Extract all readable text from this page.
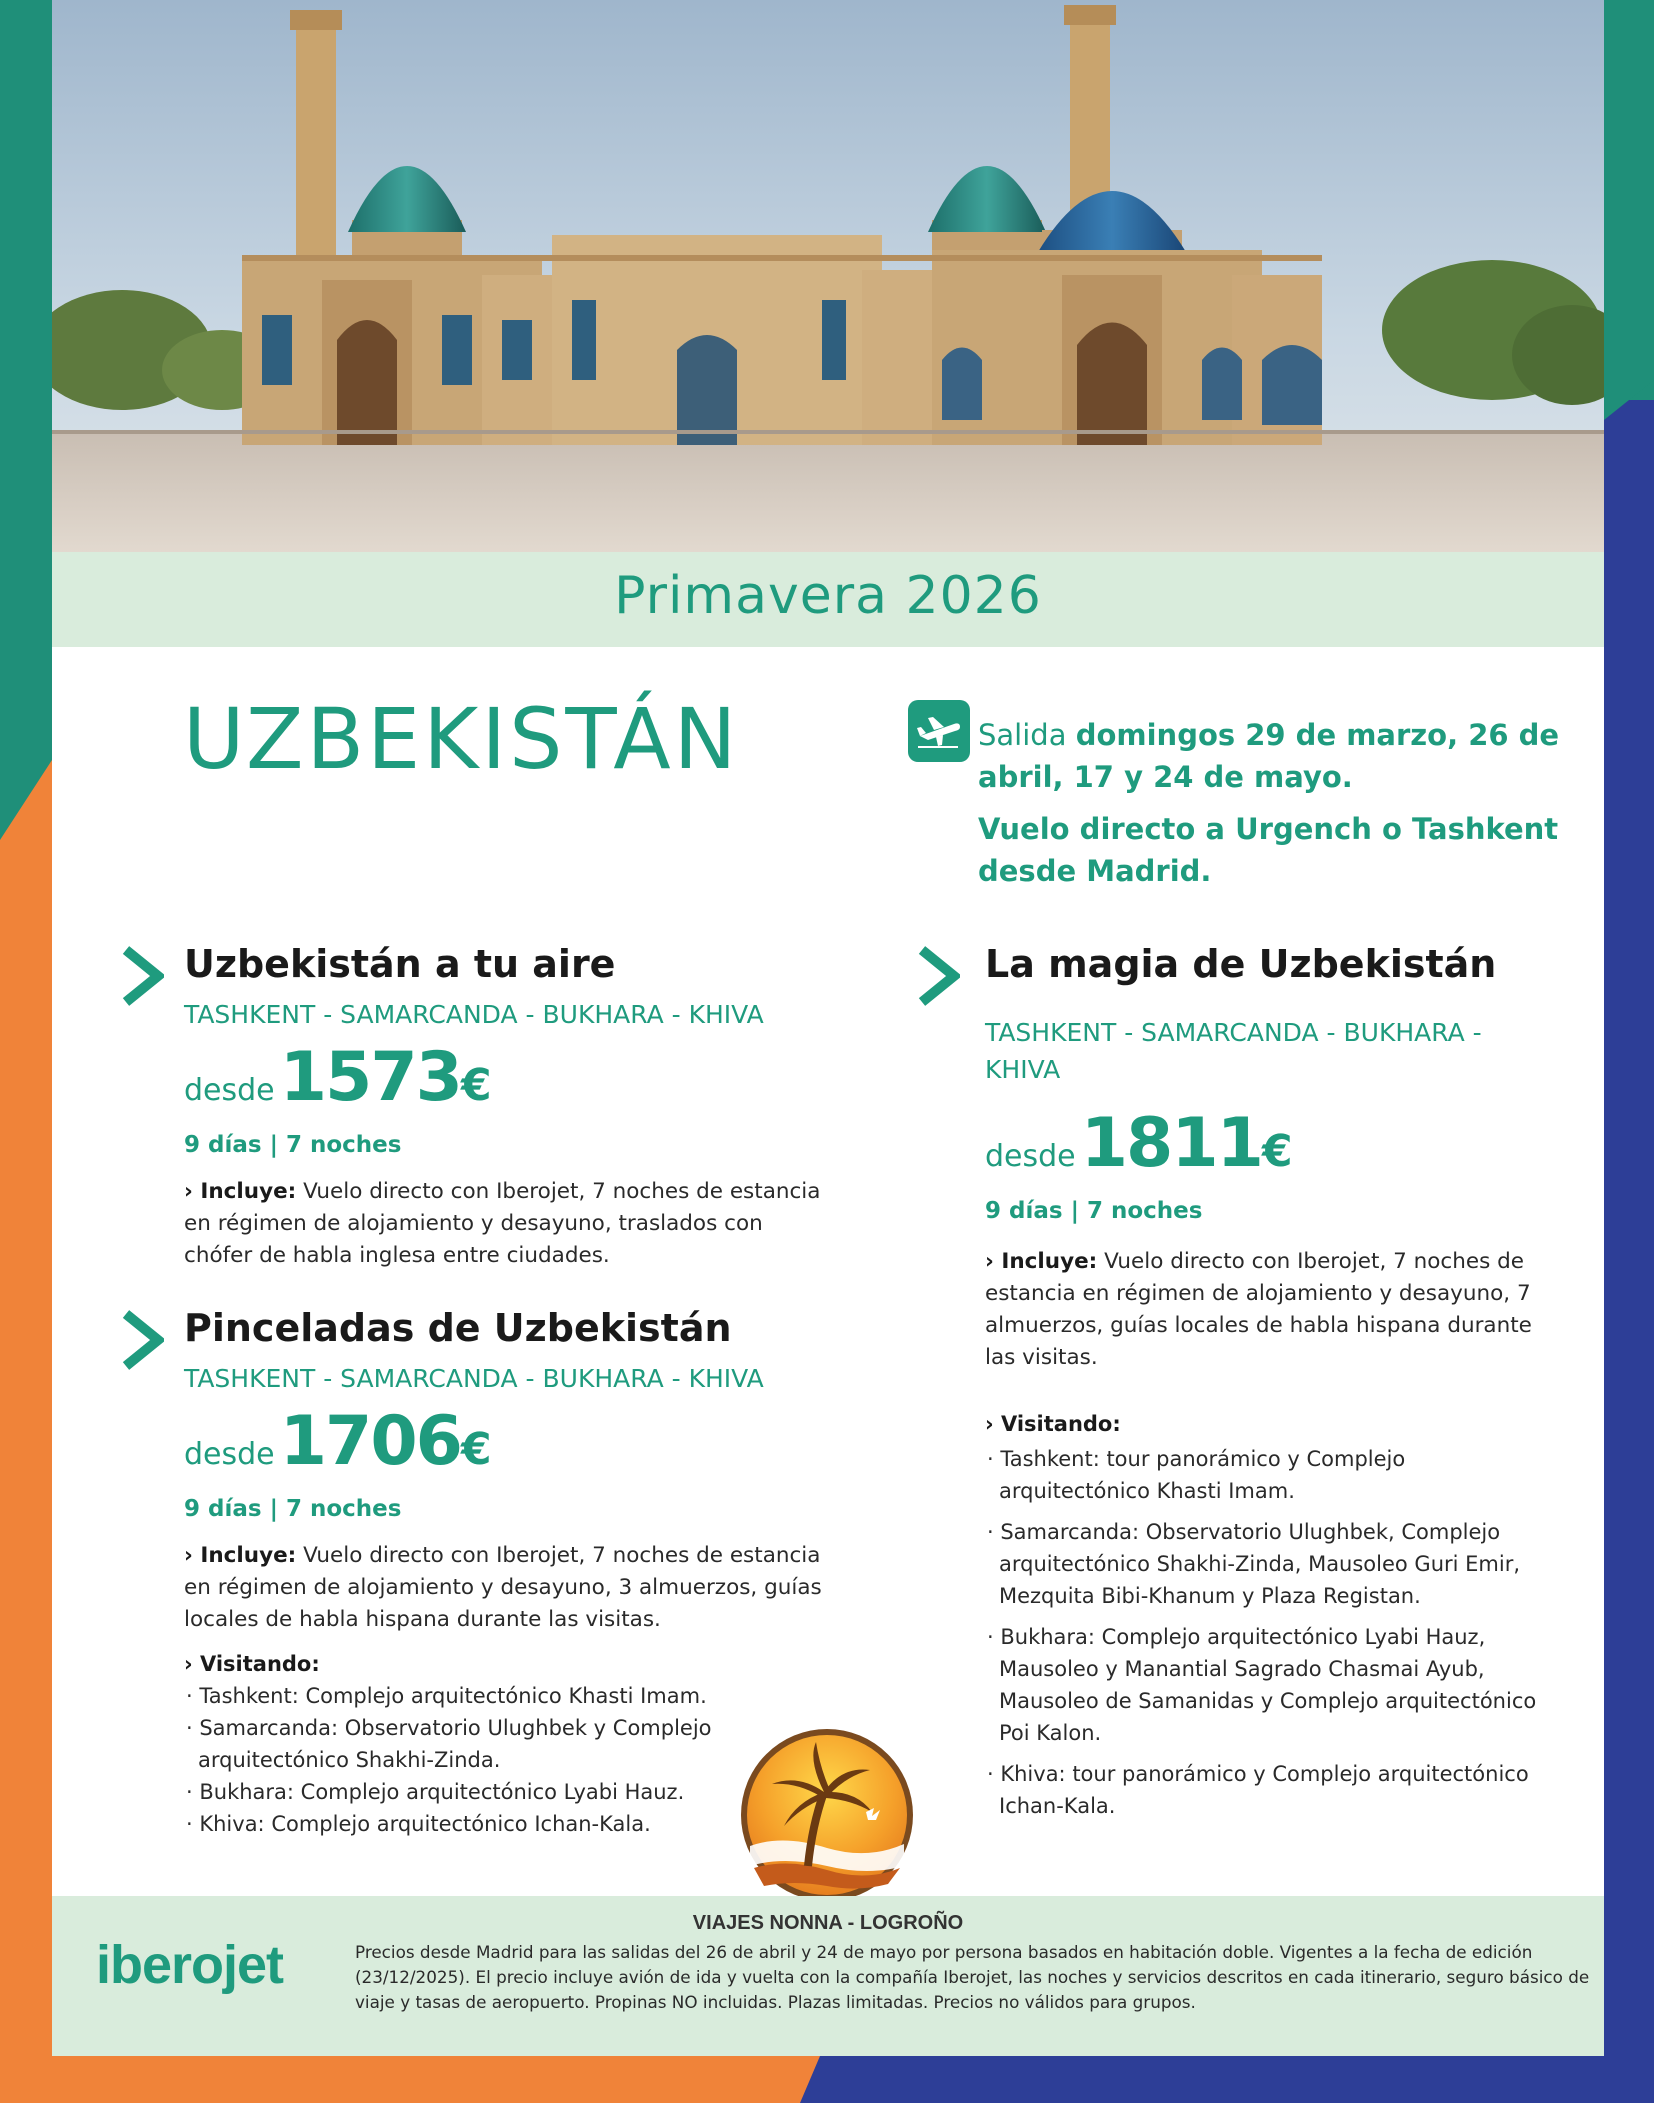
Primavera 2026
UZBEKISTÁN	Salida domingos 29 de marzo, 26 de abril, 17 y 24 de mayo.
Vuelo directo a Urgench o Tashkent desde Madrid.
Uzbekistán a tu aire
TASHKENT - SAMARCANDA - BUKHARA - KHIVA
desde 1573€
9 días | 7 noches
› Incluye: Vuelo directo con Iberojet, 7 noches de estancia en régimen de alojamiento y desayuno, traslados con chófer de habla inglesa entre ciudades.
Pinceladas de Uzbekistán
TASHKENT - SAMARCANDA - BUKHARA - KHIVA
desde 1706€
9 días | 7 noches
› Incluye: Vuelo directo con Iberojet, 7 noches de estancia en régimen de alojamiento y desayuno, 3 almuerzos, guías locales de habla hispana durante las visitas.
› Visitando:
· Tashkent: Complejo arquitectónico Khasti Imam.
· Samarcanda: Observatorio Ulughbek y Complejo arquitectónico Shakhi-Zinda.
· Bukhara: Complejo arquitectónico Lyabi Hauz.
· Khiva: Complejo arquitectónico Ichan-Kala.
La magia de Uzbekistán
TASHKENT - SAMARCANDA - BUKHARA - KHIVA
desde 1811€
9 días | 7 noches
› Incluye: Vuelo directo con Iberojet, 7 noches de estancia en régimen de alojamiento y desayuno, 7 almuerzos, guías locales de habla hispana durante las visitas.
› Visitando:
· Tashkent: tour panorámico y Complejo arquitectónico Khasti Imam.
· Samarcanda: Observatorio Ulughbek, Complejo arquitectónico Shakhi-Zinda, Mausoleo Guri Emir, Mezquita Bibi-Khanum y Plaza Registan.
· Bukhara: Complejo arquitectónico Lyabi Hauz, Mausoleo y Manantial Sagrado Chasmai Ayub, Mausoleo de Samanidas y Complejo arquitectónico Poi Kalon.
· Khiva: tour panorámico y Complejo arquitectónico Ichan-Kala.
VIAJES NONNA - LOGROÑO
iberojet	Precios desde Madrid para las salidas del 26 de abril y 24 de mayo por persona basados en habitación doble. Vigentes a la fecha de edición (23/12/2025). El precio incluye avión de ida y vuelta con la compañía Iberojet, las noches y servicios descritos en cada itinerario, seguro básico de viaje y tasas de aeropuerto. Propinas NO incluidas. Plazas limitadas. Precios no válidos para grupos.
